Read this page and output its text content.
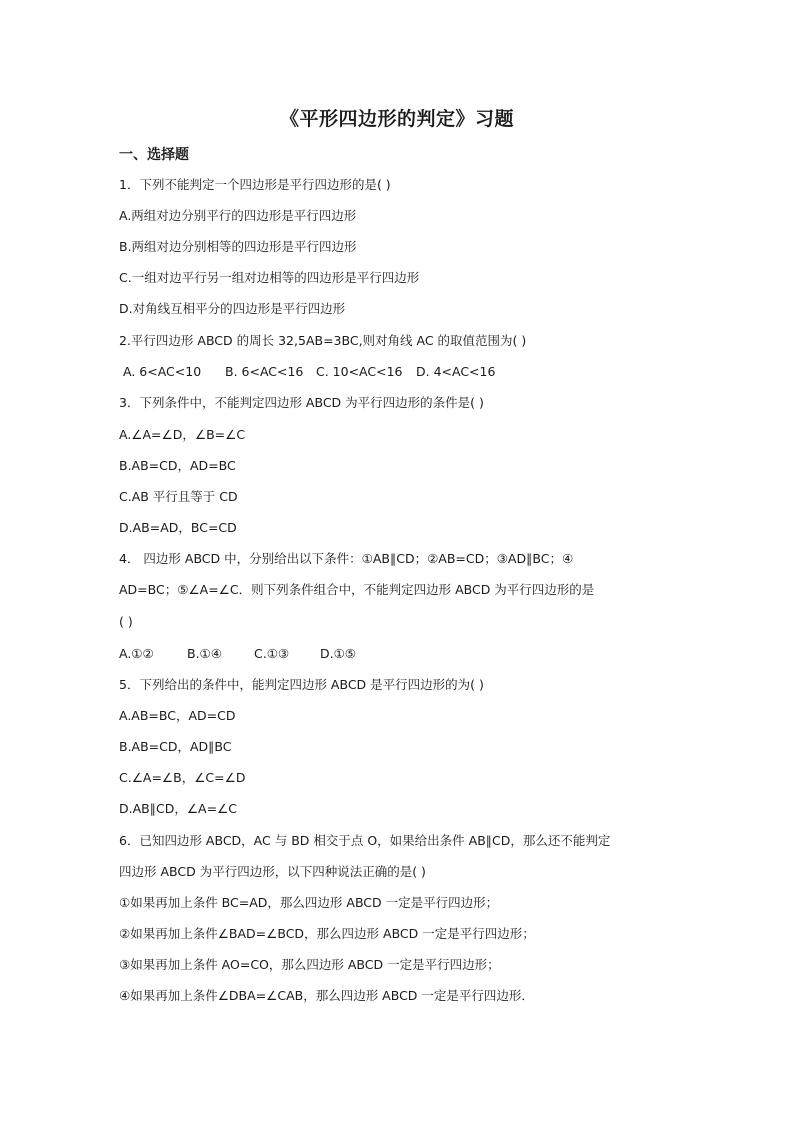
《平形四边形的判定》习题
一、选择题
1．下列不能判定一个四边形是平行四边形的是( )
A.两组对边分别平行的四边形是平行四边形
B.两组对边分别相等的四边形是平行四边形
C.一组对边平行另一组对边相等的四边形是平行四边形
D.对角线互相平分的四边形是平行四边形
2.平行四边形 ABCD 的周长 32,5AB=3BC,则对角线 AC 的取值范围为( )
A. 6<AC<10 B. 6<AC<16 C. 10<AC<16 D. 4<AC<16
3．下列条件中，不能判定四边形 ABCD 为平行四边形的条件是( )
A.∠A=∠D，∠B=∠C
B.AB=CD，AD=BC
C.AB 平行且等于 CD
D.AB=AD，BC=CD
4． 四边形 ABCD 中，分别给出以下条件：①AB∥CD；②AB=CD；③AD∥BC；④
AD=BC；⑤∠A=∠C．则下列条件组合中，不能判定四边形 ABCD 为平行四边形的是
( )
A.①②	B.①④	C.①③ D.①⑤
5．下列给出的条件中，能判定四边形 ABCD 是平行四边形的为( )
A.AB=BC，AD=CD
B.AB=CD，AD∥BC
C.∠A=∠B，∠C=∠D
D.AB∥CD，∠A=∠C
6．已知四边形 ABCD，AC 与 BD 相交于点 O，如果给出条件 AB∥CD，那么还不能判定
四边形 ABCD 为平行四边形，以下四种说法正确的是( )
①如果再加上条件 BC=AD，那么四边形 ABCD 一定是平行四边形；
②如果再加上条件∠BAD=∠BCD，那么四边形 ABCD 一定是平行四边形；
③如果再加上条件 AO=CO，那么四边形 ABCD 一定是平行四边形；
④如果再加上条件∠DBA=∠CAB，那么四边形 ABCD 一定是平行四边形．
